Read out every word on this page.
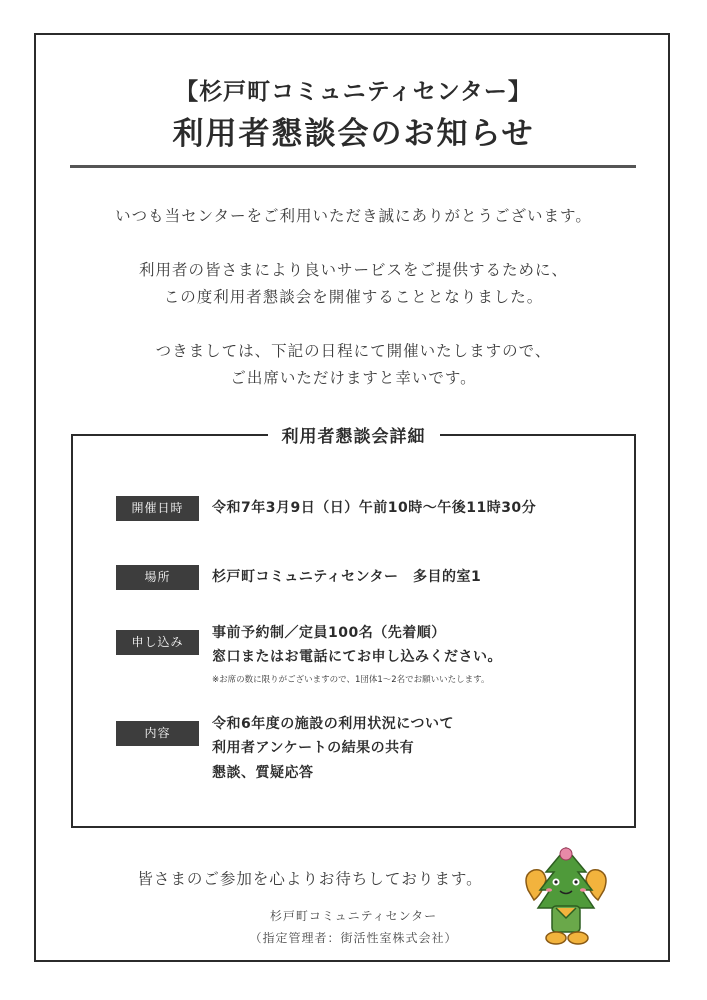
【杉戸町コミュニティセンター】
利用者懇談会のお知らせ
いつも当センターをご利用いただき誠にありがとうございます。
利用者の皆さまにより良いサービスをご提供するために、
この度利用者懇談会を開催することとなりました。
つきましては、下記の日程にて開催いたしますので、
ご出席いただけますと幸いです。
利用者懇談会詳細
開催日時	令和7年3月9日（日）午前10時～午後11時30分
場所	杉戸町コミュニティセンター　多目的室1
申し込み
事前予約制／定員100名（先着順）
窓口またはお電話にてお申し込みください。
※お席の数に限りがございますので、1団体1～2名でお願いいたします。
内容
令和6年度の施設の利用状況について
利用者アンケートの結果の共有
懇談、質疑応答
皆さまのご参加を心よりお待ちしております。
杉戸町コミュニティセンター
（指定管理者：街活性室株式会社）
